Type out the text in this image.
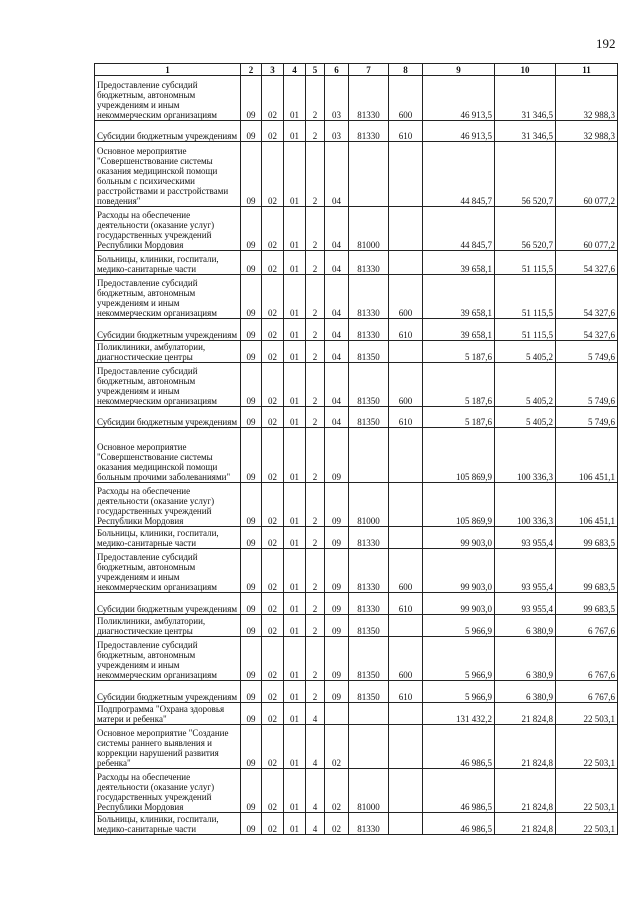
192
1	2	3	4	5	6	7	8	9	10	11
Предоставление субсидий бюджетным, автономным учреждениям и иным некоммерческим организациям	09	02	01	2	03	81330	600	46 913,5	31 346,5	32 988,3
Субсидии бюджетным учреждениям	09	02	01	2	03	81330	610	46 913,5	31 346,5	32 988,3
Основное мероприятие "Совершенствование системы оказания медицинской помощи больным с психическими расстройствами и расстройствами поведения"	09	02	01	2	04			44 845,7	56 520,7	60 077,2
Расходы на обеспечение деятельности (оказание услуг) государственных учреждений Республики Мордовия	09	02	01	2	04	81000		44 845,7	56 520,7	60 077,2
Больницы, клиники, госпитали, медико-санитарные части	09	02	01	2	04	81330		39 658,1	51 115,5	54 327,6
Предоставление субсидий бюджетным, автономным учреждениям и иным некоммерческим организациям	09	02	01	2	04	81330	600	39 658,1	51 115,5	54 327,6
Субсидии бюджетным учреждениям	09	02	01	2	04	81330	610	39 658,1	51 115,5	54 327,6
Поликлиники, амбулатории, диагностические центры	09	02	01	2	04	81350		5 187,6	5 405,2	5 749,6
Предоставление субсидий бюджетным, автономным учреждениям и иным некоммерческим организациям	09	02	01	2	04	81350	600	5 187,6	5 405,2	5 749,6
Субсидии бюджетным учреждениям	09	02	01	2	04	81350	610	5 187,6	5 405,2	5 749,6
Основное мероприятие "Совершенствование системы оказания медицинской помощи больным прочими заболеваниями"	09	02	01	2	09			105 869,9	100 336,3	106 451,1
Расходы на обеспечение деятельности (оказание услуг) государственных учреждений Республики Мордовия	09	02	01	2	09	81000		105 869,9	100 336,3	106 451,1
Больницы, клиники, госпитали, медико-санитарные части	09	02	01	2	09	81330		99 903,0	93 955,4	99 683,5
Предоставление субсидий бюджетным, автономным учреждениям и иным некоммерческим организациям	09	02	01	2	09	81330	600	99 903,0	93 955,4	99 683,5
Субсидии бюджетным учреждениям	09	02	01	2	09	81330	610	99 903,0	93 955,4	99 683,5
Поликлиники, амбулатории, диагностические центры	09	02	01	2	09	81350		5 966,9	6 380,9	6 767,6
Предоставление субсидий бюджетным, автономным учреждениям и иным некоммерческим организациям	09	02	01	2	09	81350	600	5 966,9	6 380,9	6 767,6
Субсидии бюджетным учреждениям	09	02	01	2	09	81350	610	5 966,9	6 380,9	6 767,6
Подпрограмма "Охрана здоровья матери и ребенка"	09	02	01	4				131 432,2	21 824,8	22 503,1
Основное мероприятие "Создание системы раннего выявления и коррекции нарушений развития ребенка"	09	02	01	4	02			46 986,5	21 824,8	22 503,1
Расходы на обеспечение деятельности (оказание услуг) государственных учреждений Республики Мордовия	09	02	01	4	02	81000		46 986,5	21 824,8	22 503,1
Больницы, клиники, госпитали, медико-санитарные части	09	02	01	4	02	81330		46 986,5	21 824,8	22 503,1
